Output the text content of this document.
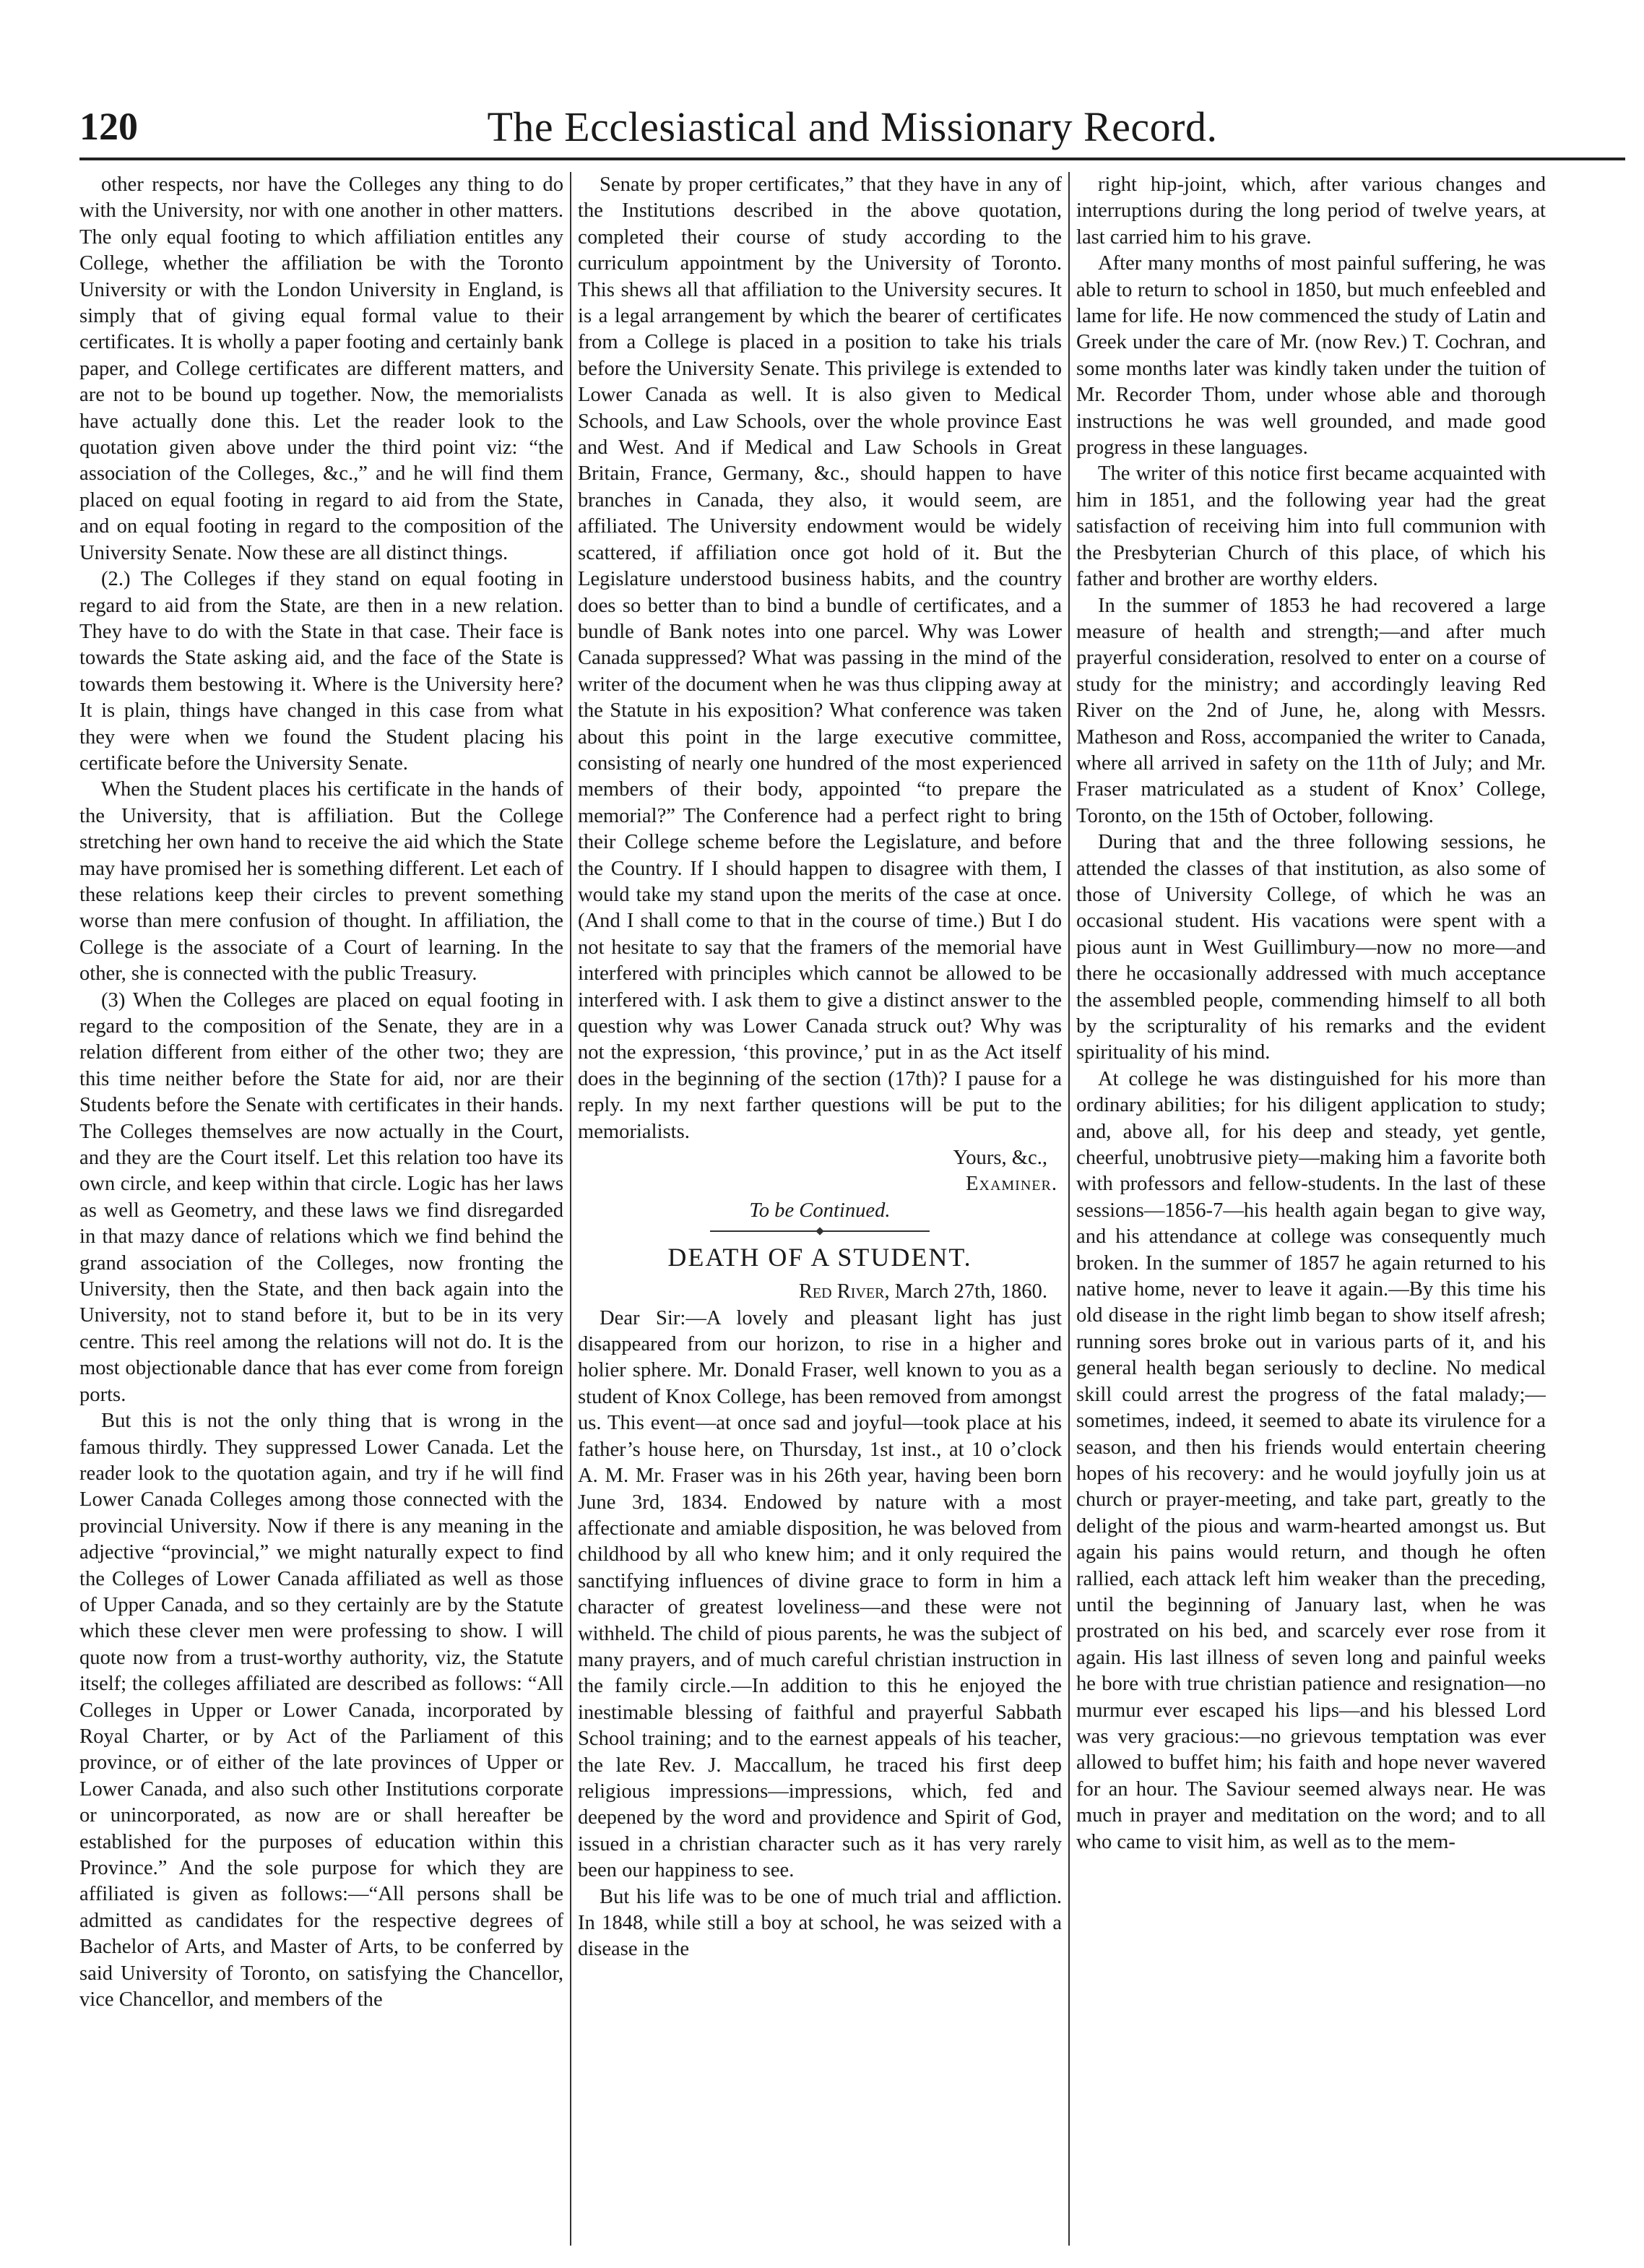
120	The Ecclesiastical and Missionary Record.

other respects, nor have the Colleges any thing to do with the University, nor with one another in other matters. The only equal footing to which affiliation entitles any College, whether the affiliation be with the Toronto University or with the London University in England, is simply that of giving equal formal value to their certificates. It is wholly a paper footing and certainly bank paper, and College certificates are different matters, and are not to be bound up together. Now, the memorialists have actually done this. Let the reader look to the quotation given above under the third point viz: “the association of the Colleges, &c.,” and he will find them placed on equal footing in regard to aid from the State, and on equal footing in regard to the composition of the University Senate. Now these are all distinct things.

(2.) The Colleges if they stand on equal footing in regard to aid from the State, are then in a new relation. They have to do with the State in that case. Their face is towards the State asking aid, and the face of the State is towards them bestowing it. Where is the University here? It is plain, things have changed in this case from what they were when we found the Student placing his certificate before the University Senate.

When the Student places his certificate in the hands of the University, that is affiliation. But the College stretching her own hand to receive the aid which the State may have promised her is something different. Let each of these relations keep their circles to prevent something worse than mere confusion of thought. In affiliation, the College is the associate of a Court of learning. In the other, she is connected with the public Treasury.

(3) When the Colleges are placed on equal footing in regard to the composition of the Senate, they are in a relation different from either of the other two; they are this time neither before the State for aid, nor are their Students before the Senate with certificates in their hands. The Colleges themselves are now actually in the Court, and they are the Court itself. Let this relation too have its own circle, and keep within that circle. Logic has her laws as well as Geometry, and these laws we find disregarded in that mazy dance of relations which we find behind the grand association of the Colleges, now fronting the University, then the State, and then back again into the University, not to stand before it, but to be in its very centre. This reel among the relations will not do. It is the most objectionable dance that has ever come from foreign ports.

But this is not the only thing that is wrong in the famous thirdly. They suppressed Lower Canada. Let the reader look to the quotation again, and try if he will find Lower Canada Colleges among those connected with the provincial University. Now if there is any meaning in the adjective “provincial,” we might naturally expect to find the Colleges of Lower Canada affiliated as well as those of Upper Canada, and so they certainly are by the Statute which these clever men were professing to show. I will quote now from a trust-worthy authority, viz, the Statute itself; the colleges affiliated are described as follows: “All Colleges in Upper or Lower Canada, incorporated by Royal Charter, or by Act of the Parliament of this province, or of either of the late provinces of Upper or Lower Canada, and also such other Institutions corporate or unincorporated, as now are or shall hereafter be established for the purposes of education within this Province.” And the sole purpose for which they are affiliated is given as follows:—“All persons shall be admitted as candidates for the respective degrees of Bachelor of Arts, and Master of Arts, to be conferred by said University of Toronto, on satisfying the Chancellor, vice Chancellor, and members of the

Senate by proper certificates,” that they have in any of the Institutions described in the above quotation, completed their course of study according to the curriculum appointment by the University of Toronto. This shews all that affiliation to the University secures. It is a legal arrangement by which the bearer of certificates from a College is placed in a position to take his trials before the University Senate. This privilege is extended to Lower Canada as well. It is also given to Medical Schools, and Law Schools, over the whole province East and West. And if Medical and Law Schools in Great Britain, France, Germany, &c., should happen to have branches in Canada, they also, it would seem, are affiliated. The University endowment would be widely scattered, if affiliation once got hold of it. But the Legislature understood business habits, and the country does so better than to bind a bundle of certificates, and a bundle of Bank notes into one parcel. Why was Lower Canada suppressed? What was passing in the mind of the writer of the document when he was thus clipping away at the Statute in his exposition? What conference was taken about this point in the large executive committee, consisting of nearly one hundred of the most experienced members of their body, appointed “to prepare the memorial?” The Conference had a perfect right to bring their College scheme before the Legislature, and before the Country. If I should happen to disagree with them, I would take my stand upon the merits of the case at once. (And I shall come to that in the course of time.) But I do not hesitate to say that the framers of the memorial have interfered with principles which cannot be allowed to be interfered with. I ask them to give a distinct answer to the question why was Lower Canada struck out? Why was not the expression, ‘this province,’ put in as the Act itself does in the beginning of the section (17th)? I pause for a reply. In my next farther questions will be put to the memorialists.

Yours, &c.,
Examiner.
To be Continued.
DEATH OF A STUDENT.
Red River, March 27th, 1860.

Dear Sir:—A lovely and pleasant light has just disappeared from our horizon, to rise in a higher and holier sphere. Mr. Donald Fraser, well known to you as a student of Knox College, has been removed from amongst us. This event—at once sad and joyful—took place at his father’s house here, on Thursday, 1st inst., at 10 o’clock A. M. Mr. Fraser was in his 26th year, having been born June 3rd, 1834. Endowed by nature with a most affectionate and amiable disposition, he was beloved from childhood by all who knew him; and it only required the sanctifying influences of divine grace to form in him a character of greatest loveliness—and these were not withheld. The child of pious parents, he was the subject of many prayers, and of much careful christian instruction in the family circle.—In addition to this he enjoyed the inestimable blessing of faithful and prayerful Sabbath School training; and to the earnest appeals of his teacher, the late Rev. J. Maccallum, he traced his first deep religious impressions—impressions, which, fed and deepened by the word and providence and Spirit of God, issued in a christian character such as it has very rarely been our happiness to see.

But his life was to be one of much trial and affliction. In 1848, while still a boy at school, he was seized with a disease in the

right hip-joint, which, after various changes and interruptions during the long period of twelve years, at last carried him to his grave.

After many months of most painful suffering, he was able to return to school in 1850, but much enfeebled and lame for life. He now commenced the study of Latin and Greek under the care of Mr. (now Rev.) T. Cochran, and some months later was kindly taken under the tuition of Mr. Recorder Thom, under whose able and thorough instructions he was well grounded, and made good progress in these languages.

The writer of this notice first became acquainted with him in 1851, and the following year had the great satisfaction of receiving him into full communion with the Presbyterian Church of this place, of which his father and brother are worthy elders.

In the summer of 1853 he had recovered a large measure of health and strength;—and after much prayerful consideration, resolved to enter on a course of study for the ministry; and accordingly leaving Red River on the 2nd of June, he, along with Messrs. Matheson and Ross, accompanied the writer to Canada, where all arrived in safety on the 11th of July; and Mr. Fraser matriculated as a student of Knox’ College, Toronto, on the 15th of October, following.

During that and the three following sessions, he attended the classes of that institution, as also some of those of University College, of which he was an occasional student. His vacations were spent with a pious aunt in West Guillimbury—now no more—and there he occasionally addressed with much acceptance the assembled people, commending himself to all both by the scripturality of his remarks and the evident spirituality of his mind.

At college he was distinguished for his more than ordinary abilities; for his diligent application to study; and, above all, for his deep and steady, yet gentle, cheerful, unobtrusive piety—making him a favorite both with professors and fellow-students. In the last of these sessions—1856-7—his health again began to give way, and his attendance at college was consequently much broken. In the summer of 1857 he again returned to his native home, never to leave it again.—By this time his old disease in the right limb began to show itself afresh; running sores broke out in various parts of it, and his general health began seriously to decline. No medical skill could arrest the progress of the fatal malady;—sometimes, indeed, it seemed to abate its virulence for a season, and then his friends would entertain cheering hopes of his recovery: and he would joyfully join us at church or prayer-meeting, and take part, greatly to the delight of the pious and warm-hearted amongst us. But again his pains would return, and though he often rallied, each attack left him weaker than the preceding, until the beginning of January last, when he was prostrated on his bed, and scarcely ever rose from it again. His last illness of seven long and painful weeks he bore with true christian patience and resignation—no murmur ever escaped his lips—and his blessed Lord was very gracious:—no grievous temptation was ever allowed to buffet him; his faith and hope never wavered for an hour. The Saviour seemed always near. He was much in prayer and meditation on the word; and to all who came to visit him, as well as to the mem-
